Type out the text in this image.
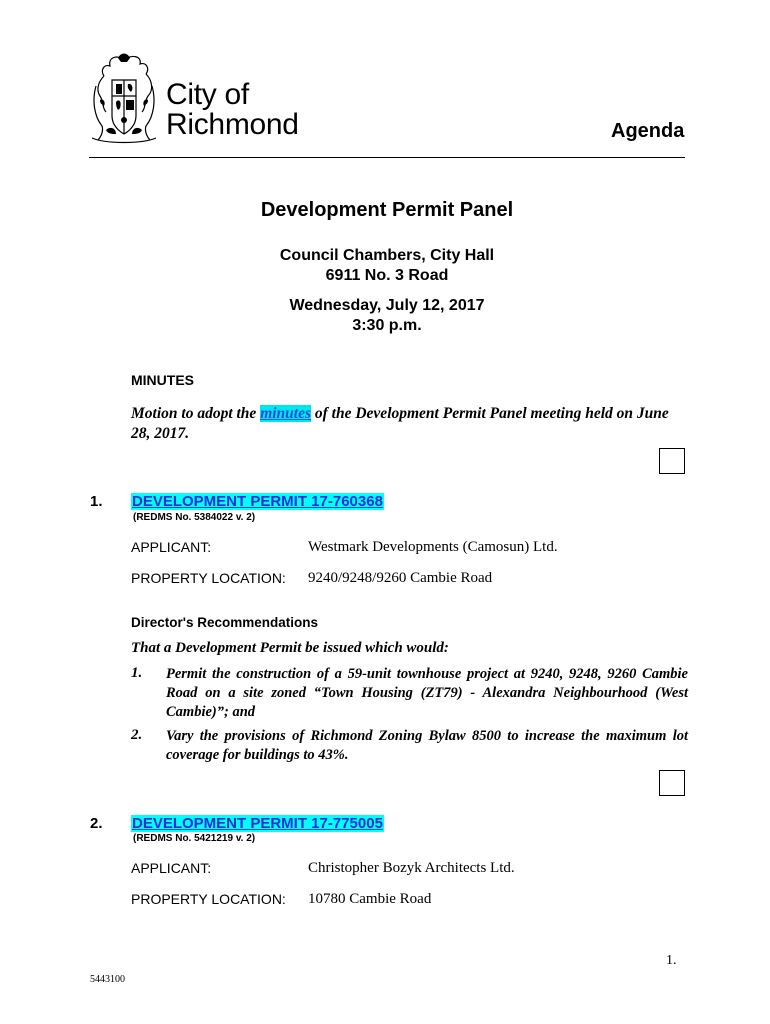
City of
Richmond	Agenda
Development Permit Panel
Council Chambers, City Hall
6911 No. 3 Road
Wednesday, July 12, 2017
3:30 p.m.
MINUTES
Motion to adopt the minutes of the Development Permit Panel meeting held on June 28, 2017.
1. DEVELOPMENT PERMIT 17-760368
(REDMS No. 5384022 v. 2)
APPLICANT:	Westmark Developments (Camosun) Ltd.
PROPERTY LOCATION: 9240/9248/9260 Cambie Road
Director's Recommendations
That a Development Permit be issued which would:
1. Permit the construction of a 59-unit townhouse project at 9240, 9248, 9260 Cambie Road on a site zoned “Town Housing (ZT79) - Alexandra Neighbourhood (West Cambie)”; and
2. Vary the provisions of Richmond Zoning Bylaw 8500 to increase the maximum lot coverage for buildings to 43%.
2. DEVELOPMENT PERMIT 17-775005
(REDMS No. 5421219 v. 2)
APPLICANT:	Christopher Bozyk Architects Ltd.
PROPERTY LOCATION: 10780 Cambie Road
1.
5443100
